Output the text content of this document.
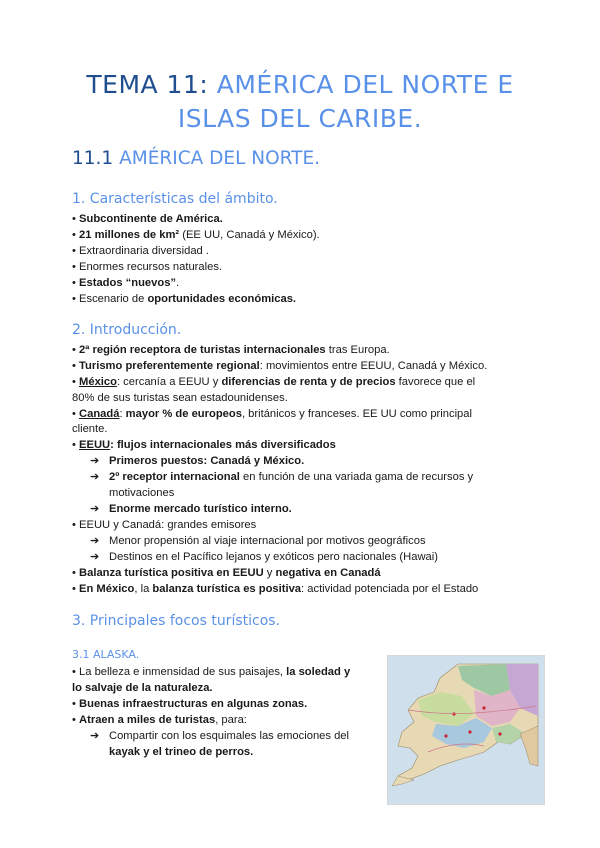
TEMA 11: AMÉRICA DEL NORTE E
ISLAS DEL CARIBE.
11.1 AMÉRICA DEL NORTE.
1. Características del ámbito.
• Subcontinente de América.
• 21 millones de km² (EE UU, Canadá y México).
• Extraordinaria diversidad .
• Enormes recursos naturales.
• Estados “nuevos”.
• Escenario de oportunidades económicas.
2. Introducción.
• 2ª región receptora de turistas internacionales tras Europa.
• Turismo preferentemente regional: movimientos entre EEUU, Canadá y México.
• México: cercanía a EEUU y diferencias de renta y de precios favorece que el
80% de sus turistas sean estadounidenses.
• Canadá: mayor % de europeos, británicos y franceses. EE UU como principal
cliente.
• EEUU: flujos internacionales más diversificados
➔ Primeros puestos: Canadá y México.
➔ 2º receptor internacional en función de una variada gama de recursos y
motivaciones
➔ Enorme mercado turístico interno.
• EEUU y Canadá: grandes emisores
➔ Menor propensión al viaje internacional por motivos geográficos
➔ Destinos en el Pacífico lejanos y exóticos pero nacionales (Hawai)
• Balanza turística positiva en EEUU y negativa en Canadá
• En México, la balanza turística es positiva: actividad potenciada por el Estado
3. Principales focos turísticos.
3.1 ALASKA.
• La belleza e inmensidad de sus paisajes, la soledad y
lo salvaje de la naturaleza.
• Buenas infraestructuras en algunas zonas.
• Atraen a miles de turistas, para:
➔ Compartir con los esquimales las emociones del
kayak y el trineo de perros.
